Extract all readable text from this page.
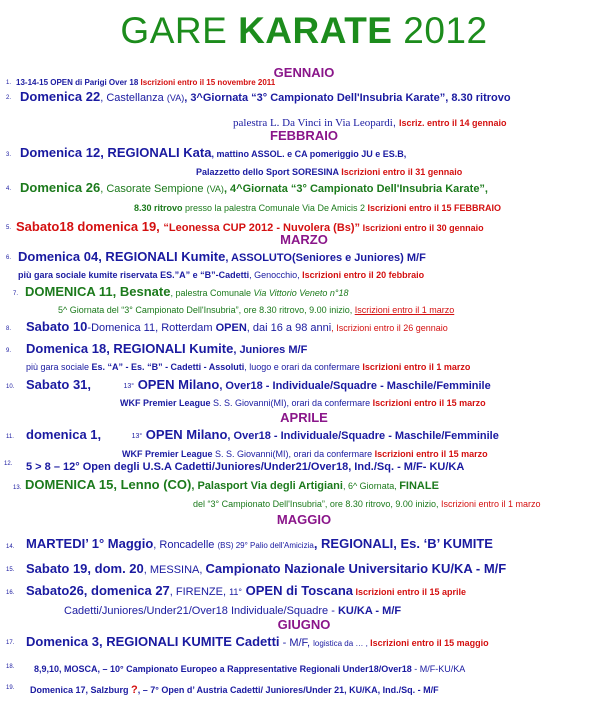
GARE KARATE 2012
GENNAIO
1. 13-14-15 OPEN di Parigi Over 18 Iscrizioni entro il 15 novembre 2011
2. Domenica 22, Castellanza (VA), 3^Giornata “3° Campionato Dell'Insubria Karate”, 8.30 ritrovo
palestra L. Da Vinci in Via Leopardi, Iscriz. entro il 14 gennaio
FEBBRAIO
3. Domenica 12, REGIONALI Kata, mattino ASSOL. e CA pomeriggio JU e ES.B,
Palazzetto dello Sport SORESINA Iscrizioni entro il 31 gennaio
4. Domenica 26, Casorate Sempione (VA), 4^Giornata “3° Campionato Dell'Insubria Karate”,
8.30 ritrovo presso la palestra Comunale Via De Amicis 2 Iscrizioni entro il 15 FEBBRAIO
5. Sabato18 domenica 19, “Leonessa CUP 2012 - Nuvolera (Bs)” Iscrizioni entro il 30 gennaio
MARZO
6. Domenica 04, REGIONALI Kumite, ASSOLUTO(Seniores e Juniores) M/F
più gara sociale kumite riservata ES.”A” e “B”-Cadetti, Genocchio, Iscrizioni entro il 20 febbraio
7. DOMENICA 11, Besnate, palestra Comunale Via Vittorio Veneto n°18
5^ Giornata del “3° Campionato Dell'Insubria”, ore 8.30 ritrovo, 9.00 inizio, Iscrizioni entro il 1 marzo
8. Sabato 10-Domenica 11, Rotterdam OPEN, dai 16 a 98 anni, Iscrizioni entro il 26 gennaio
9. Domenica 18, REGIONALI Kumite, Juniores M/F
più gara sociale Es. “A” - Es. “B” - Cadetti - Assoluti, luogo e orari da confermare Iscrizioni entro il 1 marzo
10. Sabato 31,	13° OPEN Milano, Over18 - Individuale/Squadre - Maschile/Femminile
WKF Premier League S. S. Giovanni(MI), orari da confermare Iscrizioni entro il 15 marzo
APRILE
11. domenica 1,	13° OPEN Milano, Over18 - Individuale/Squadre - Maschile/Femminile
WKF Premier League S. S. Giovanni(MI), orari da confermare Iscrizioni entro il 15 marzo
12. 5 > 8 – 12° Open degli U.S.A Cadetti/Juniores/Under21/Over18, Ind./Sq. - M/F- KU/KA
13. DOMENICA 15, Lenno (CO), Palasport Via degli Artigiani, 6^ Giornata, FINALE
del “3° Campionato Dell'Insubria”, ore 8.30 ritrovo, 9.00 inizio, Iscrizioni entro il 1 marzo
MAGGIO
14. MARTEDI’ 1° Maggio, Roncadelle (BS) 29° Palio dell'Amicizia, REGIONALI, Es. ‘B’ KUMITE
15. Sabato 19, dom. 20, MESSINA, Campionato Nazionale Universitario KU/KA - M/F
16. Sabato26, domenica 27, FIRENZE, 11° OPEN di Toscana Iscrizioni entro il 15 aprile
Cadetti/Juniores/Under21/Over18 Individuale/Squadre - KU/KA - M/F
GIUGNO
17. Domenica 3, REGIONALI KUMITE Cadetti - M/F, logistica da … , Iscrizioni entro il 15 maggio
18. 8,9,10, MOSCA, – 10° Campionato Europeo a Rappresentative Regionali Under18/Over18 - M/F-KU/KA
19. Domenica 17, Salzburg ?, – 7° Open d’ Austria Cadetti/ Juniores/Under 21, KU/KA, Ind./Sq. - M/F
